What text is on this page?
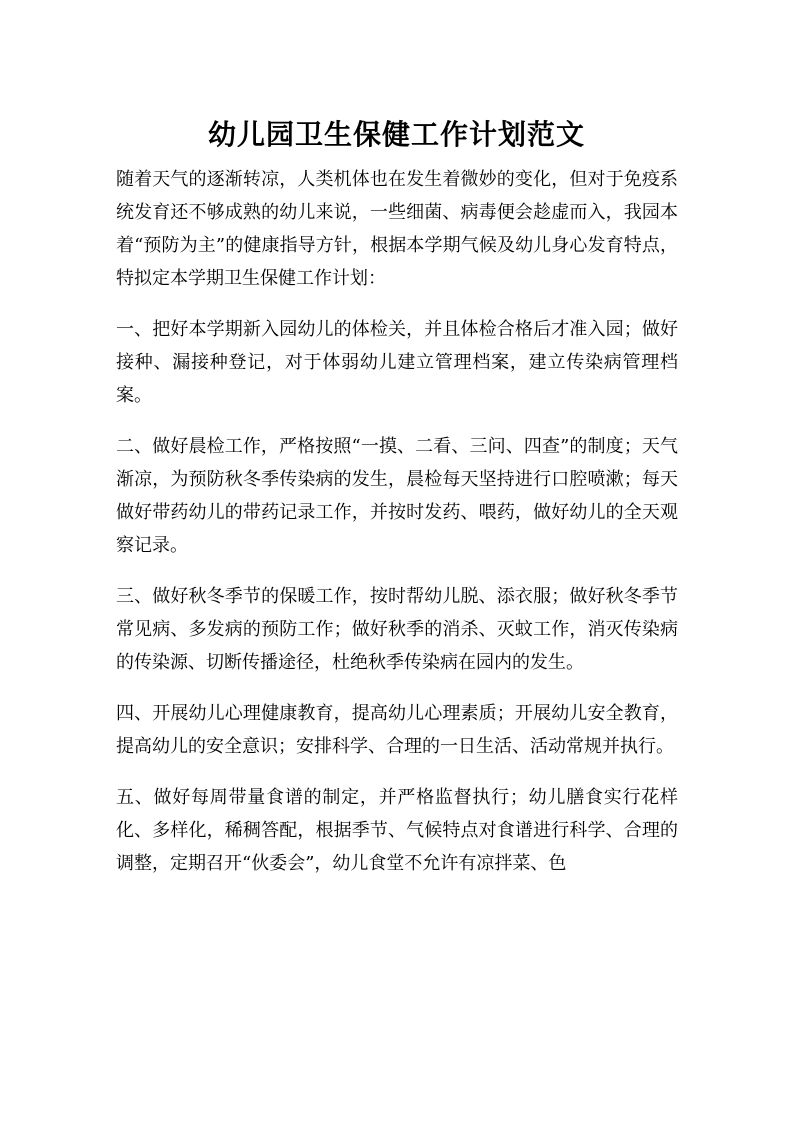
幼儿园卫生保健工作计划范文

随着天气的逐渐转凉，人类机体也在发生着微妙的变化，但对于免疫系统发育还不够成熟的幼儿来说，一些细菌、病毒便会趁虚而入，我园本着“预防为主”的健康指导方针，根据本学期气候及幼儿身心发育特点，特拟定本学期卫生保健工作计划：

一、把好本学期新入园幼儿的体检关，并且体检合格后才准入园；做好接种、漏接种登记，对于体弱幼儿建立管理档案，建立传染病管理档案。

二、做好晨检工作，严格按照“一摸、二看、三问、四查”的制度；天气渐凉，为预防秋冬季传染病的发生，晨检每天坚持进行口腔喷漱；每天做好带药幼儿的带药记录工作，并按时发药、喂药，做好幼儿的全天观察记录。

三、做好秋冬季节的保暖工作，按时帮幼儿脱、添衣服；做好秋冬季节常见病、多发病的预防工作；做好秋季的消杀、灭蚊工作，消灭传染病的传染源、切断传播途径，杜绝秋季传染病在园内的发生。

四、开展幼儿心理健康教育，提高幼儿心理素质；开展幼儿安全教育，提高幼儿的安全意识；安排科学、合理的一日生活、活动常规并执行。

五、做好每周带量食谱的制定，并严格监督执行；幼儿膳食实行花样化、多样化，稀稠答配，根据季节、气候特点对食谱进行科学、合理的调整，定期召开“伙委会”，幼儿食堂不允许有凉拌菜、色
